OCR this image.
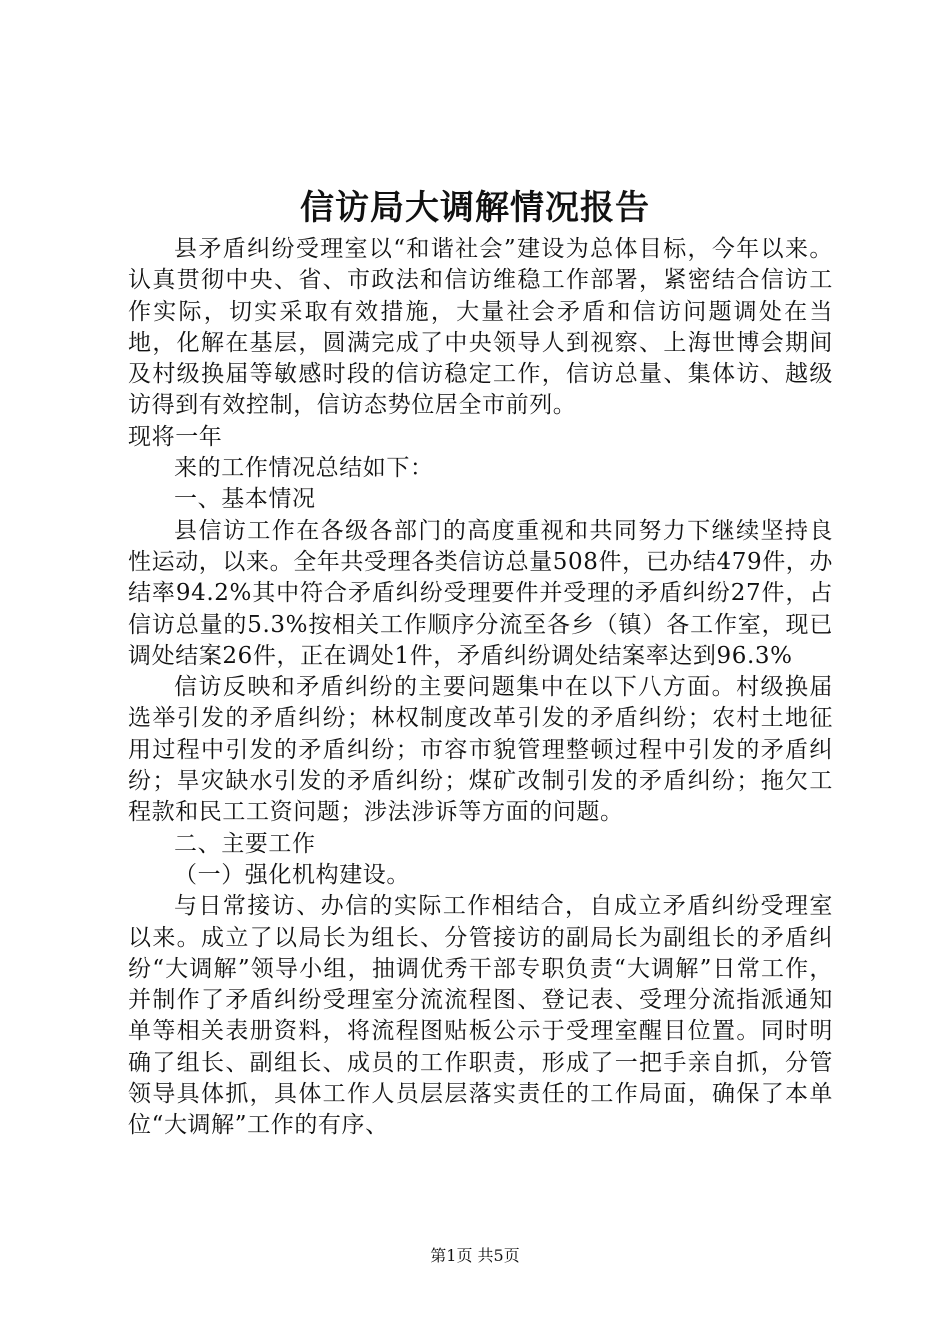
信访局大调解情况报告

县矛盾纠纷受理室以“和谐社会”建设为总体目标，今年以来。认真贯彻中央、省、市政法和信访维稳工作部署，紧密结合信访工作实际，切实采取有效措施，大量社会矛盾和信访问题调处在当地，化解在基层，圆满完成了中央领导人到视察、上海世博会期间及村级换届等敏感时段的信访稳定工作，信访总量、集体访、越级访得到有效控制，信访态势位居全市前列。

现将一年

来的工作情况总结如下：

一、基本情况

县信访工作在各级各部门的高度重视和共同努力下继续坚持良性运动，以来。全年共受理各类信访总量508件，已办结479件，办结率94.2%其中符合矛盾纠纷受理要件并受理的矛盾纠纷27件，占信访总量的5.3%按相关工作顺序分流至各乡（镇）各工作室，现已调处结案26件，正在调处1件，矛盾纠纷调处结案率达到96.3%

信访反映和矛盾纠纷的主要问题集中在以下八方面。村级换届选举引发的矛盾纠纷；林权制度改革引发的矛盾纠纷；农村土地征用过程中引发的矛盾纠纷；市容市貌管理整顿过程中引发的矛盾纠纷；旱灾缺水引发的矛盾纠纷；煤矿改制引发的矛盾纠纷；拖欠工程款和民工工资问题；涉法涉诉等方面的问题。

二、主要工作

（一）强化机构建设。

与日常接访、办信的实际工作相结合，自成立矛盾纠纷受理室以来。成立了以局长为组长、分管接访的副局长为副组长的矛盾纠纷“大调解”领导小组，抽调优秀干部专职负责“大调解”日常工作，并制作了矛盾纠纷受理室分流流程图、登记表、受理分流指派通知单等相关表册资料，将流程图贴板公示于受理室醒目位置。同时明确了组长、副组长、成员的工作职责，形成了一把手亲自抓，分管领导具体抓，具体工作人员层层落实责任的工作局面，确保了本单位“大调解”工作的有序、

第1页 共5页
